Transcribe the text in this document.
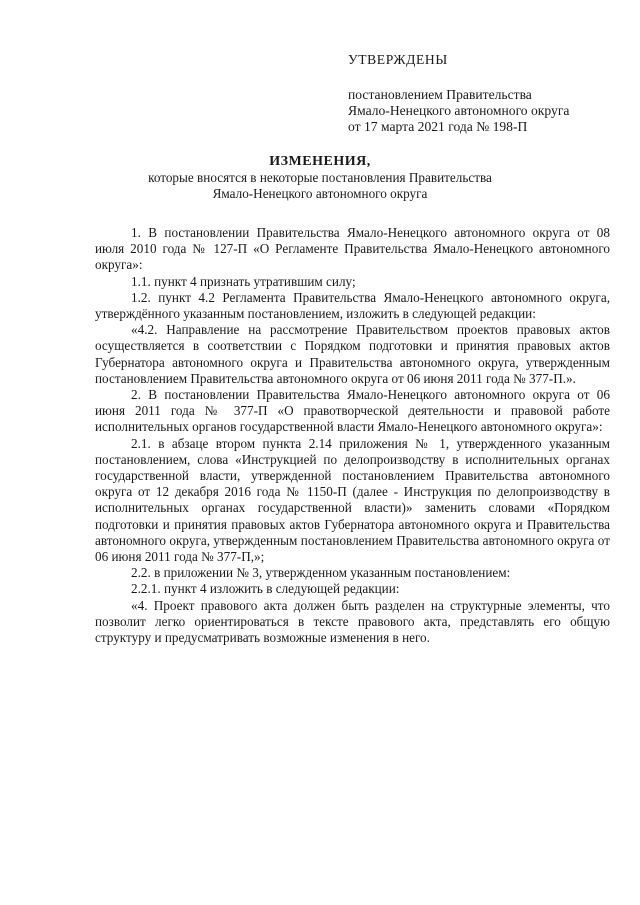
УТВЕРЖДЕНЫ
постановлением Правительства
Ямало-Ненецкого автономного округа
от 17 марта 2021 года № 198-П
ИЗМЕНЕНИЯ,
которые вносятся в некоторые постановления Правительства
Ямало-Ненецкого автономного округа

1. В постановлении Правительства Ямало-Ненецкого автономного округа от 08 июля 2010 года № 127-П «О Регламенте Правительства Ямало-Ненецкого автономного округа»:

1.1. пункт 4 признать утратившим силу;

1.2. пункт 4.2 Регламента Правительства Ямало-Ненецкого автономного округа, утверждённого указанным постановлением, изложить в следующей редакции:

«4.2. Направление на рассмотрение Правительством проектов правовых актов осуществляется в соответствии с Порядком подготовки и принятия правовых актов Губернатора автономного округа и Правительства автономного округа, утвержденным постановлением Правительства автономного округа от 06 июня 2011 года № 377-П.».

2. В постановлении Правительства Ямало-Ненецкого автономного округа от 06 июня 2011 года № 377-П «О правотворческой деятельности и правовой работе исполнительных органов государственной власти Ямало-Ненецкого автономного округа»:

2.1. в абзаце втором пункта 2.14 приложения № 1, утвержденного указанным постановлением, слова «Инструкцией по делопроизводству в исполнительных органах государственной власти, утвержденной постановлением Правительства автономного округа от 12 декабря 2016 года № 1150-П (далее - Инструкция по делопроизводству в исполнительных органах государственной власти)» заменить словами «Порядком подготовки и принятия правовых актов Губернатора автономного округа и Правительства автономного округа, утвержденным постановлением Правительства автономного округа от 06 июня 2011 года № 377-П,»;

2.2. в приложении № 3, утвержденном указанным постановлением:

2.2.1. пункт 4 изложить в следующей редакции:

«4. Проект правового акта должен быть разделен на структурные элементы, что позволит легко ориентироваться в тексте правового акта, представлять его общую структуру и предусматривать возможные изменения в него.
